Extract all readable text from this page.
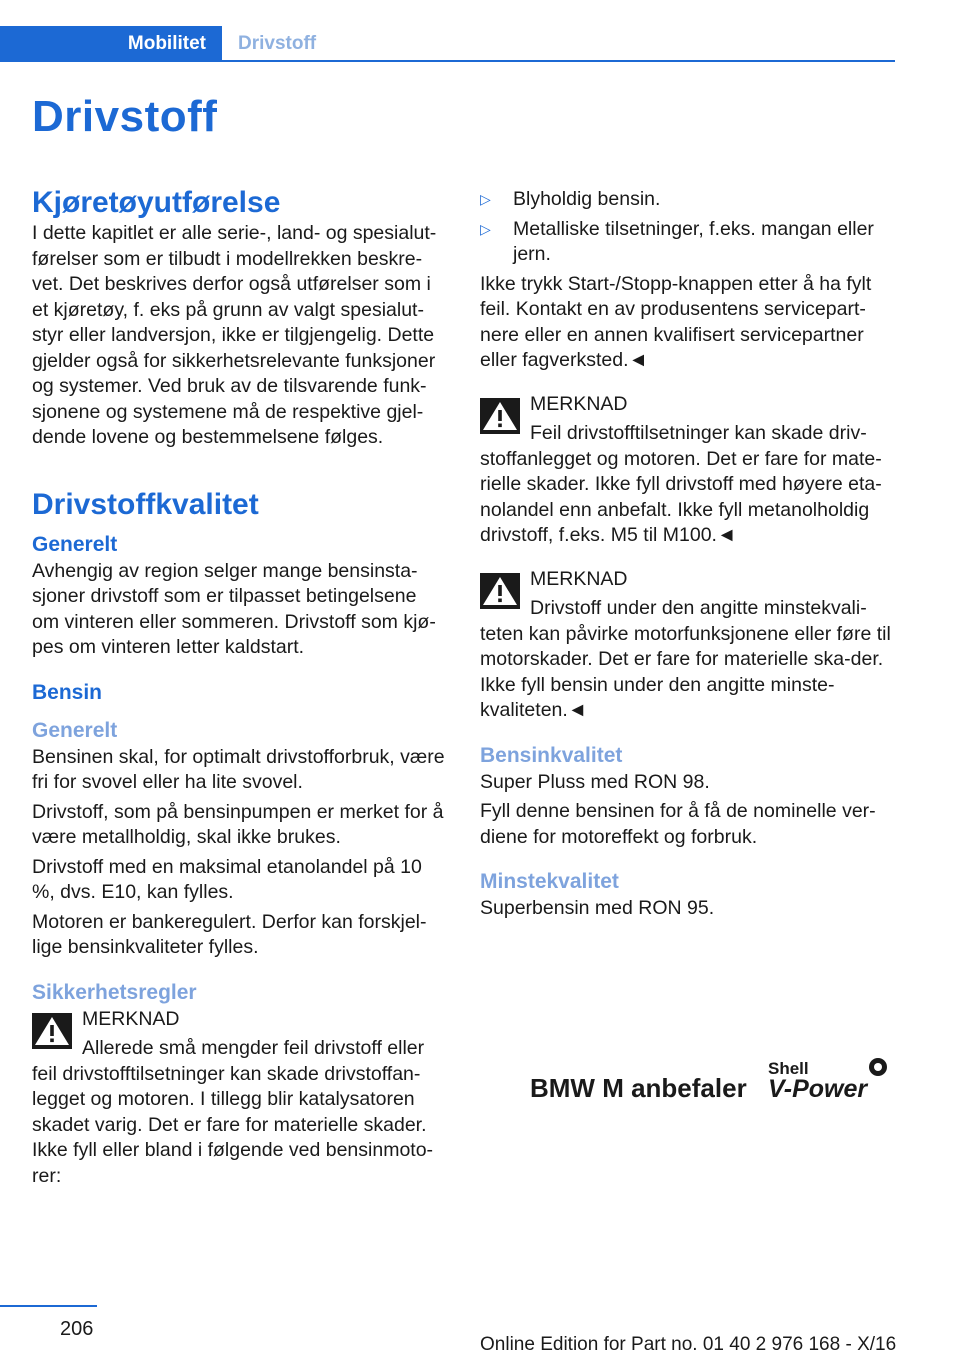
Mobilitet	Drivstoff
Drivstoff
Kjøretøyutførelse

I dette kapitlet er alle serie-, land- og spesialut-førelser som er tilbudt i modellrekken beskre-vet. Det beskrives derfor også utførelser som i et kjøretøy, f. eks på grunn av valgt spesialut-styr eller landversjon, ikke er tilgjengelig. Dette gjelder også for sikkerhetsrelevante funksjoner og systemer. Ved bruk av de tilsvarende funk-sjonene og systemene må de respektive gjel-dende lovene og bestemmelsene følges.

Drivstoffkvalitet
Generelt

Avhengig av region selger mange bensinsta-sjoner drivstoff som er tilpasset betingelsene om vinteren eller sommeren. Drivstoff som kjø-pes om vinteren letter kaldstart.

Bensin
Generelt

Bensinen skal, for optimalt drivstofforbruk, være fri for svovel eller ha lite svovel.

Drivstoff, som på bensinpumpen er merket for å være metallholdig, skal ikke brukes.

Drivstoff med en maksimal etanolandel på 10 %, dvs. E10, kan fylles.

Motoren er bankeregulert. Derfor kan forskjel-lige bensinkvaliteter fylles.

Sikkerhetsregler
MERKNAD

Allerede små mengder feil drivstoff eller feil drivstofftilsetninger kan skade drivstoffan-legget og motoren. I tillegg blir katalysatoren skadet varig. Det er fare for materielle skader. Ikke fyll eller bland i følgende ved bensinmoto-rer:

▷	Blyholdig bensin.
▷	Metalliske tilsetninger, f.eks. mangan eller jern.

Ikke trykk Start-/Stopp-knappen etter å ha fylt feil. Kontakt en av produsentens servicepart-nere eller en annen kvalifisert servicepartner eller fagverksted.◄

MERKNAD

Feil drivstofftilsetninger kan skade driv-stoffanlegget og motoren. Det er fare for mate-rielle skader. Ikke fyll drivstoff med høyere eta-nolandel enn anbefalt. Ikke fyll metanolholdig drivstoff, f.eks. M5 til M100.◄

MERKNAD

Drivstoff under den angitte minstekvali-teten kan påvirke motorfunksjonene eller føre til motorskader. Det er fare for materielle ska-der. Ikke fyll bensin under den angitte minste-kvaliteten.◄

Bensinkvalitet

Super Pluss med RON 98.

Fyll denne bensinen for å få de nominelle ver-diene for motoreffekt og forbruk.

Minstekvalitet

Superbensin med RON 95.

BMW M anbefaler
Shell
V-Power
206
Online Edition for Part no. 01 40 2 976 168 - X/16
